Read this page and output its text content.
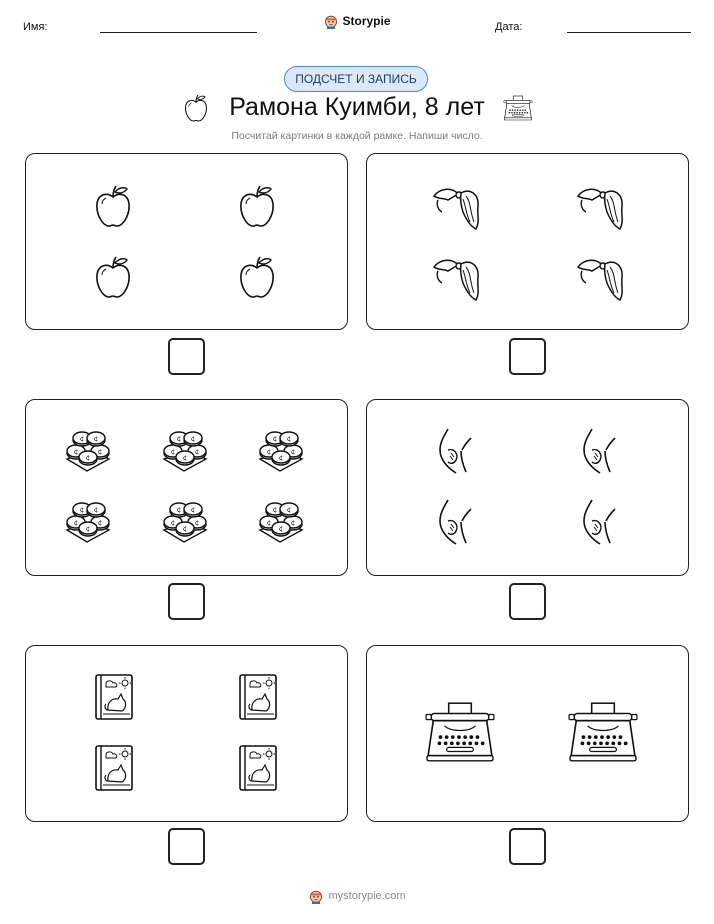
Имя:	Storypie	Дата:
ПОДСЧЕТ И ЗАПИСЬ
Рамона Куимби, 8 лет
Посчитай картинки в каждой рамке. Напиши число.
mystorypie.com
